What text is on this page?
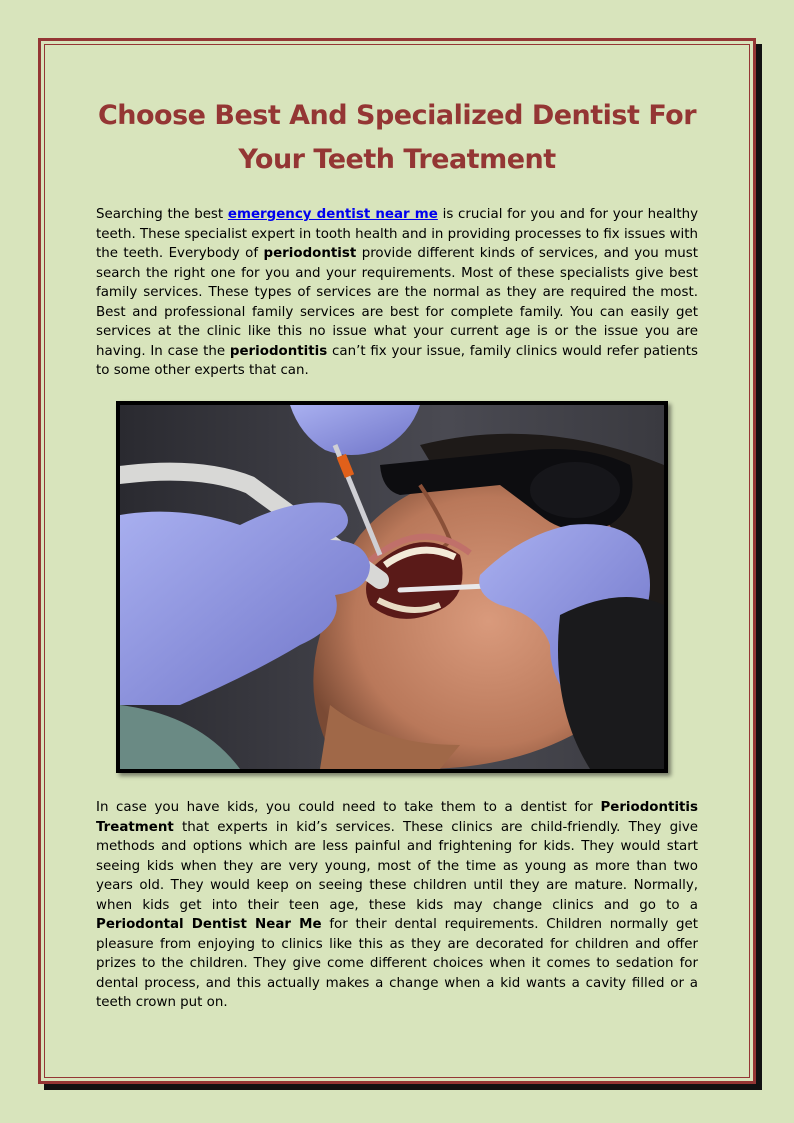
Choose Best And Specialized Dentist For Your Teeth Treatment

Searching the best emergency dentist near me is crucial for you and for your healthy teeth. These specialist expert in tooth health and in providing processes to fix issues with the teeth. Everybody of periodontist provide different kinds of services, and you must search the right one for you and your requirements. Most of these specialists give best family services. These types of services are the normal as they are required the most. Best and professional family services are best for complete family. You can easily get services at the clinic like this no issue what your current age is or the issue you are having. In case the periodontitis can’t fix your issue, family clinics would refer patients to some other experts that can.

In case you have kids, you could need to take them to a dentist for Periodontitis Treatment that experts in kid’s services. These clinics are child-friendly. They give methods and options which are less painful and frightening for kids. They would start seeing kids when they are very young, most of the time as young as more than two years old. They would keep on seeing these children until they are mature. Normally, when kids get into their teen age, these kids may change clinics and go to a Periodontal Dentist Near Me for their dental requirements. Children normally get pleasure from enjoying to clinics like this as they are decorated for children and offer prizes to the children. They give come different choices when it comes to sedation for dental process, and this actually makes a change when a kid wants a cavity filled or a teeth crown put on.
